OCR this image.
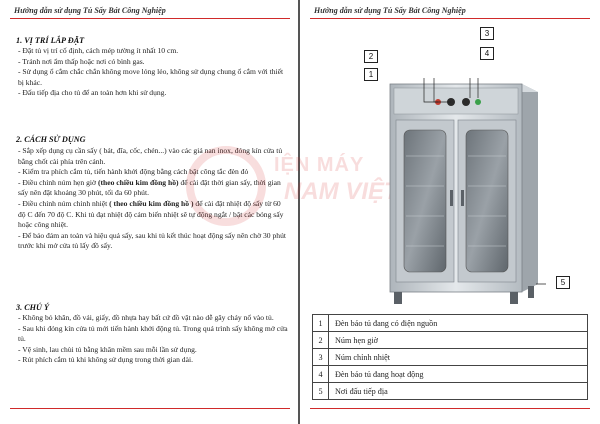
Hướng dẫn sử dụng Tủ Sấy Bát Công Nghiệp
1. VỊ TRÍ LẮP ĐẶT
- Đặt tủ vị trí cố định, cách mép tường ít nhất 10 cm.
- Tránh nơi ẩm thấp hoặc nơi có bình gas.
- Sử dụng ổ cắm chắc chắn không move lỏng lẻo, không sử dụng chung ổ cắm với thiết bị khác.
- Đấu tiếp địa cho tủ để an toàn hơn khi sử dụng.
2. CÁCH SỬ DỤNG
- Sắp xếp dụng cụ cần sấy ( bát, đĩa, cốc, chén...) vào các giá nan inox, đóng kín cửa tủ bằng chốt cài phía trên cánh.
- Kiểm tra phích cắm tủ, tiến hành khởi động bằng cách bật công tắc đèn đỏ
- Điều chỉnh núm hẹn giờ (theo chiều kim đồng hồ) để cài đặt thời gian sấy, thời gian sấy nên đặt khoảng 30 phút, tối đa 60 phút.
- Điều chỉnh núm chỉnh nhiệt ( theo chiều kim đồng hồ ) để cài đặt nhiệt độ sấy từ 60 độ C đến 70 độ C. Khi tủ đạt nhiệt độ cảm biến nhiệt sẽ tự động ngắt / bật các bóng sấy hoặc công nhiệt.
- Để bảo đảm an toàn và hiệu quả sấy, sau khi tủ kết thúc hoạt động sấy nên chờ 30 phút trước khi mở cửa tủ lấy đồ sấy.
3. CHÚ Ý
- Không bỏ khăn, đồ vải, giấy, đồ nhựa hay bất cứ đồ vật nào dễ gây cháy nổ vào tủ.
- Sau khi đóng kín cửa tủ mới tiến hành khởi động tủ. Trong quá trình sấy không mở cửa tủ.
- Vệ sinh, lau chùi tủ bằng khăn mềm sau mỗi lần sử dụng.
- Rút phích cắm tủ khi không sử dụng trong thời gian dài.
Hướng dẫn sử dụng Tủ Sấy Bát Công Nghiệp
1
2
3
4
5
1	Đèn báo tủ đang có điện nguồn
2	Núm hẹn giờ
3	Núm chỉnh nhiệt
4	Đèn báo tủ đang hoạt động
5	Nơi đấu tiếp địa
